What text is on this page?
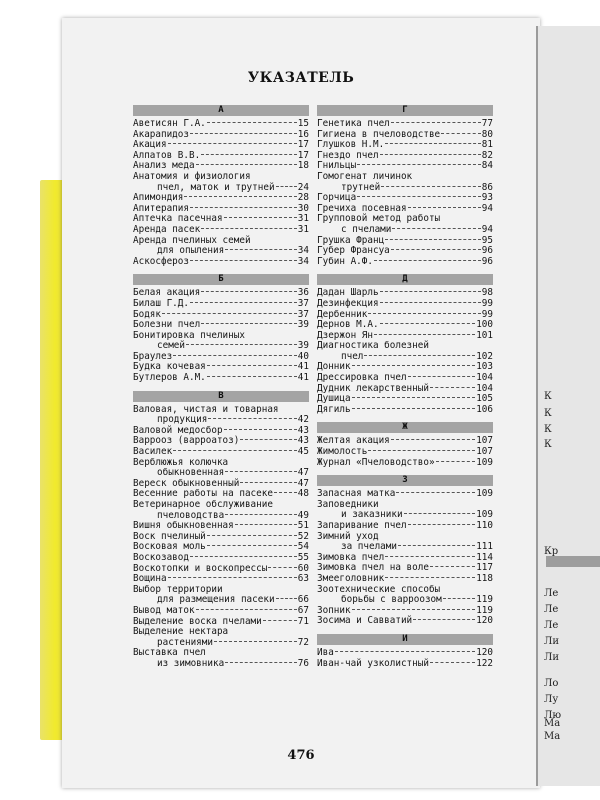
К
К
К
К
Кр
Ле
Ле
Ле
Ли
Ли
Ло
Лу
Лю
Ма
Ма
УКАЗАТЕЛЬ
А
Аветисян Г.А.	15
Акарапидоз	16
Акация	17
Алпатов В.В.	17
Анализ меда	18
Анатомия и физиология
пчел, маток и трутней	24
Апимондия	28
Апитерапия	30
Аптечка пасечная	31
Аренда пасек	31
Аренда пчелиных семей
для опыления	34
Аскосфероз	34
Б
Белая акация	36
Билаш Г.Д.	37
Бодяк	37
Болезни пчел	39
Бонитировка пчелиных
семей	39
Браулез	40
Будка кочевая	41
Бутлеров А.М.	41
В
Валовая, чистая и товарная
продукция	42
Валовой медосбор	43
Варрооз (варроатоз)	43
Василек	45
Верблюжья колючка
обыкновенная	47
Вереск обыкновенный	47
Весенние работы на пасеке	48
Ветеринарное обслуживание
пчеловодства	49
Вишня обыкновенная	51
Воск пчелиный	52
Восковая моль	54
Воскозавод	55
Воскотопки и воскопрессы	60
Вощина	63
Выбор территории
для размещения пасеки	66
Вывод маток	67
Выделение воска пчелами	71
Выделение нектара
растениями	72
Выставка пчел
из зимовника	76
Г
Генетика пчел	77
Гигиена в пчеловодстве	80
Глушков Н.М.	81
Гнездо пчел	82
Гнильцы	84
Гомогенат личинок
трутней	86
Горчица	93
Гречиха посевная	94
Групповой метод работы
с пчелами	94
Грушка Франц	95
Губер Франсуа	96
Губин А.Ф.	96
Д
Дадан Шарль	98
Дезинфекция	99
Дербенник	99
Дернов М.А.	100
Дзержон Ян	101
Диагностика болезней
пчел	102
Донник	103
Дрессировка пчел	104
Дудник лекарственный	104
Душица	105
Дягиль	106
Ж
Желтая акация	107
Жимолость	107
Журнал «Пчеловодство»	109
З
Запасная матка	109
Заповедники
и заказники	109
Запаривание пчел	110
Зимний уход
за пчелами	111
Зимовка пчел	114
Зимовка пчел на воле	117
Змееголовник	118
Зоотехнические способы
борьбы с варроозом	119
Зопник	119
Зосима и Савватий	120
И
Ива	120
Иван-чай узколистный	122
476
